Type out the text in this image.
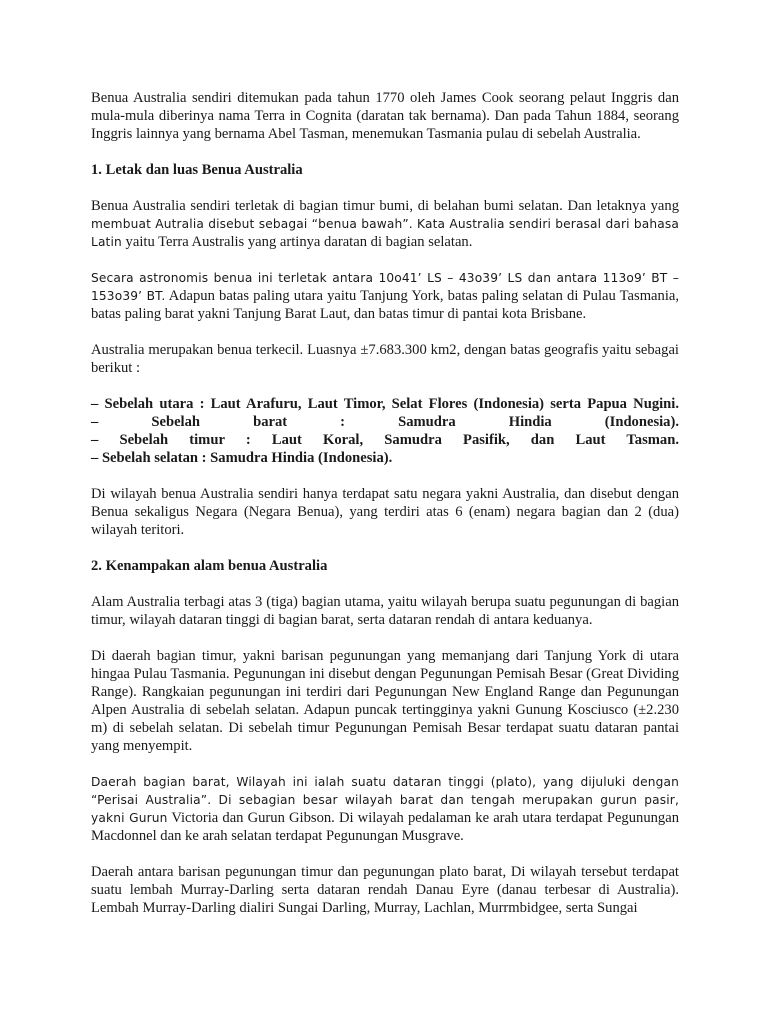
Benua Australia sendiri ditemukan pada tahun 1770 oleh James Cook seorang pelaut Inggris dan mula-mula diberinya nama Terra in Cognita (daratan tak bernama). Dan pada Tahun 1884, seorang Inggris lainnya yang bernama Abel Tasman, menemukan Tasmania pulau di sebelah Australia.

1. Letak dan luas Benua Australia

Benua Australia sendiri terletak di bagian timur bumi, di belahan bumi selatan. Dan letaknya yang membuat Autralia disebut sebagai “benua bawah”. Kata Australia sendiri berasal dari bahasa Latin yaitu Terra Australis yang artinya daratan di bagian selatan.

Secara astronomis benua ini terletak antara 10o41’ LS – 43o39’ LS dan antara 113o9’ BT – 153o39’ BT. Adapun batas paling utara yaitu Tanjung York, batas paling selatan di Pulau Tasmania, batas paling barat yakni Tanjung Barat Laut, dan batas timur di pantai kota Brisbane.

Australia merupakan benua terkecil. Luasnya ±7.683.300 km2, dengan batas geografis yaitu sebagai berikut :

– Sebelah utara : Laut Arafuru, Laut Timor, Selat Flores (Indonesia) serta Papua Nugini.

– Sebelah barat : Samudra Hindia (Indonesia).

– Sebelah timur : Laut Koral, Samudra Pasifik, dan Laut Tasman.

– Sebelah selatan : Samudra Hindia (Indonesia).

Di wilayah benua Australia sendiri hanya terdapat satu negara yakni Australia, dan disebut dengan Benua sekaligus Negara (Negara Benua), yang terdiri atas 6 (enam) negara bagian dan 2 (dua) wilayah teritori.

2. Kenampakan alam benua Australia

Alam Australia terbagi atas 3 (tiga) bagian utama, yaitu wilayah berupa suatu pegunungan di bagian timur, wilayah dataran tinggi di bagian barat, serta dataran rendah di antara keduanya.

Di daerah bagian timur, yakni barisan pegunungan yang memanjang dari Tanjung York di utara hingaa Pulau Tasmania. Pegunungan ini disebut dengan Pegunungan Pemisah Besar (Great Dividing Range). Rangkaian pegunungan ini terdiri dari Pegunungan New England Range dan Pegunungan Alpen Australia di sebelah selatan. Adapun puncak tertingginya yakni Gunung Kosciusco (±2.230 m) di sebelah selatan. Di sebelah timur Pegunungan Pemisah Besar terdapat suatu dataran pantai yang menyempit.

Daerah bagian barat, Wilayah ini ialah suatu dataran tinggi (plato), yang dijuluki dengan “Perisai Australia”. Di sebagian besar wilayah barat dan tengah merupakan gurun pasir, yakni Gurun Victoria dan Gurun Gibson. Di wilayah pedalaman ke arah utara terdapat Pegunungan Macdonnel dan ke arah selatan terdapat Pegunungan Musgrave.

Daerah antara barisan pegunungan timur dan pegunungan plato barat, Di wilayah tersebut terdapat suatu lembah Murray-Darling serta dataran rendah Danau Eyre (danau terbesar di Australia). Lembah Murray-Darling dialiri Sungai Darling, Murray, Lachlan, Murrmbidgee, serta Sungai
